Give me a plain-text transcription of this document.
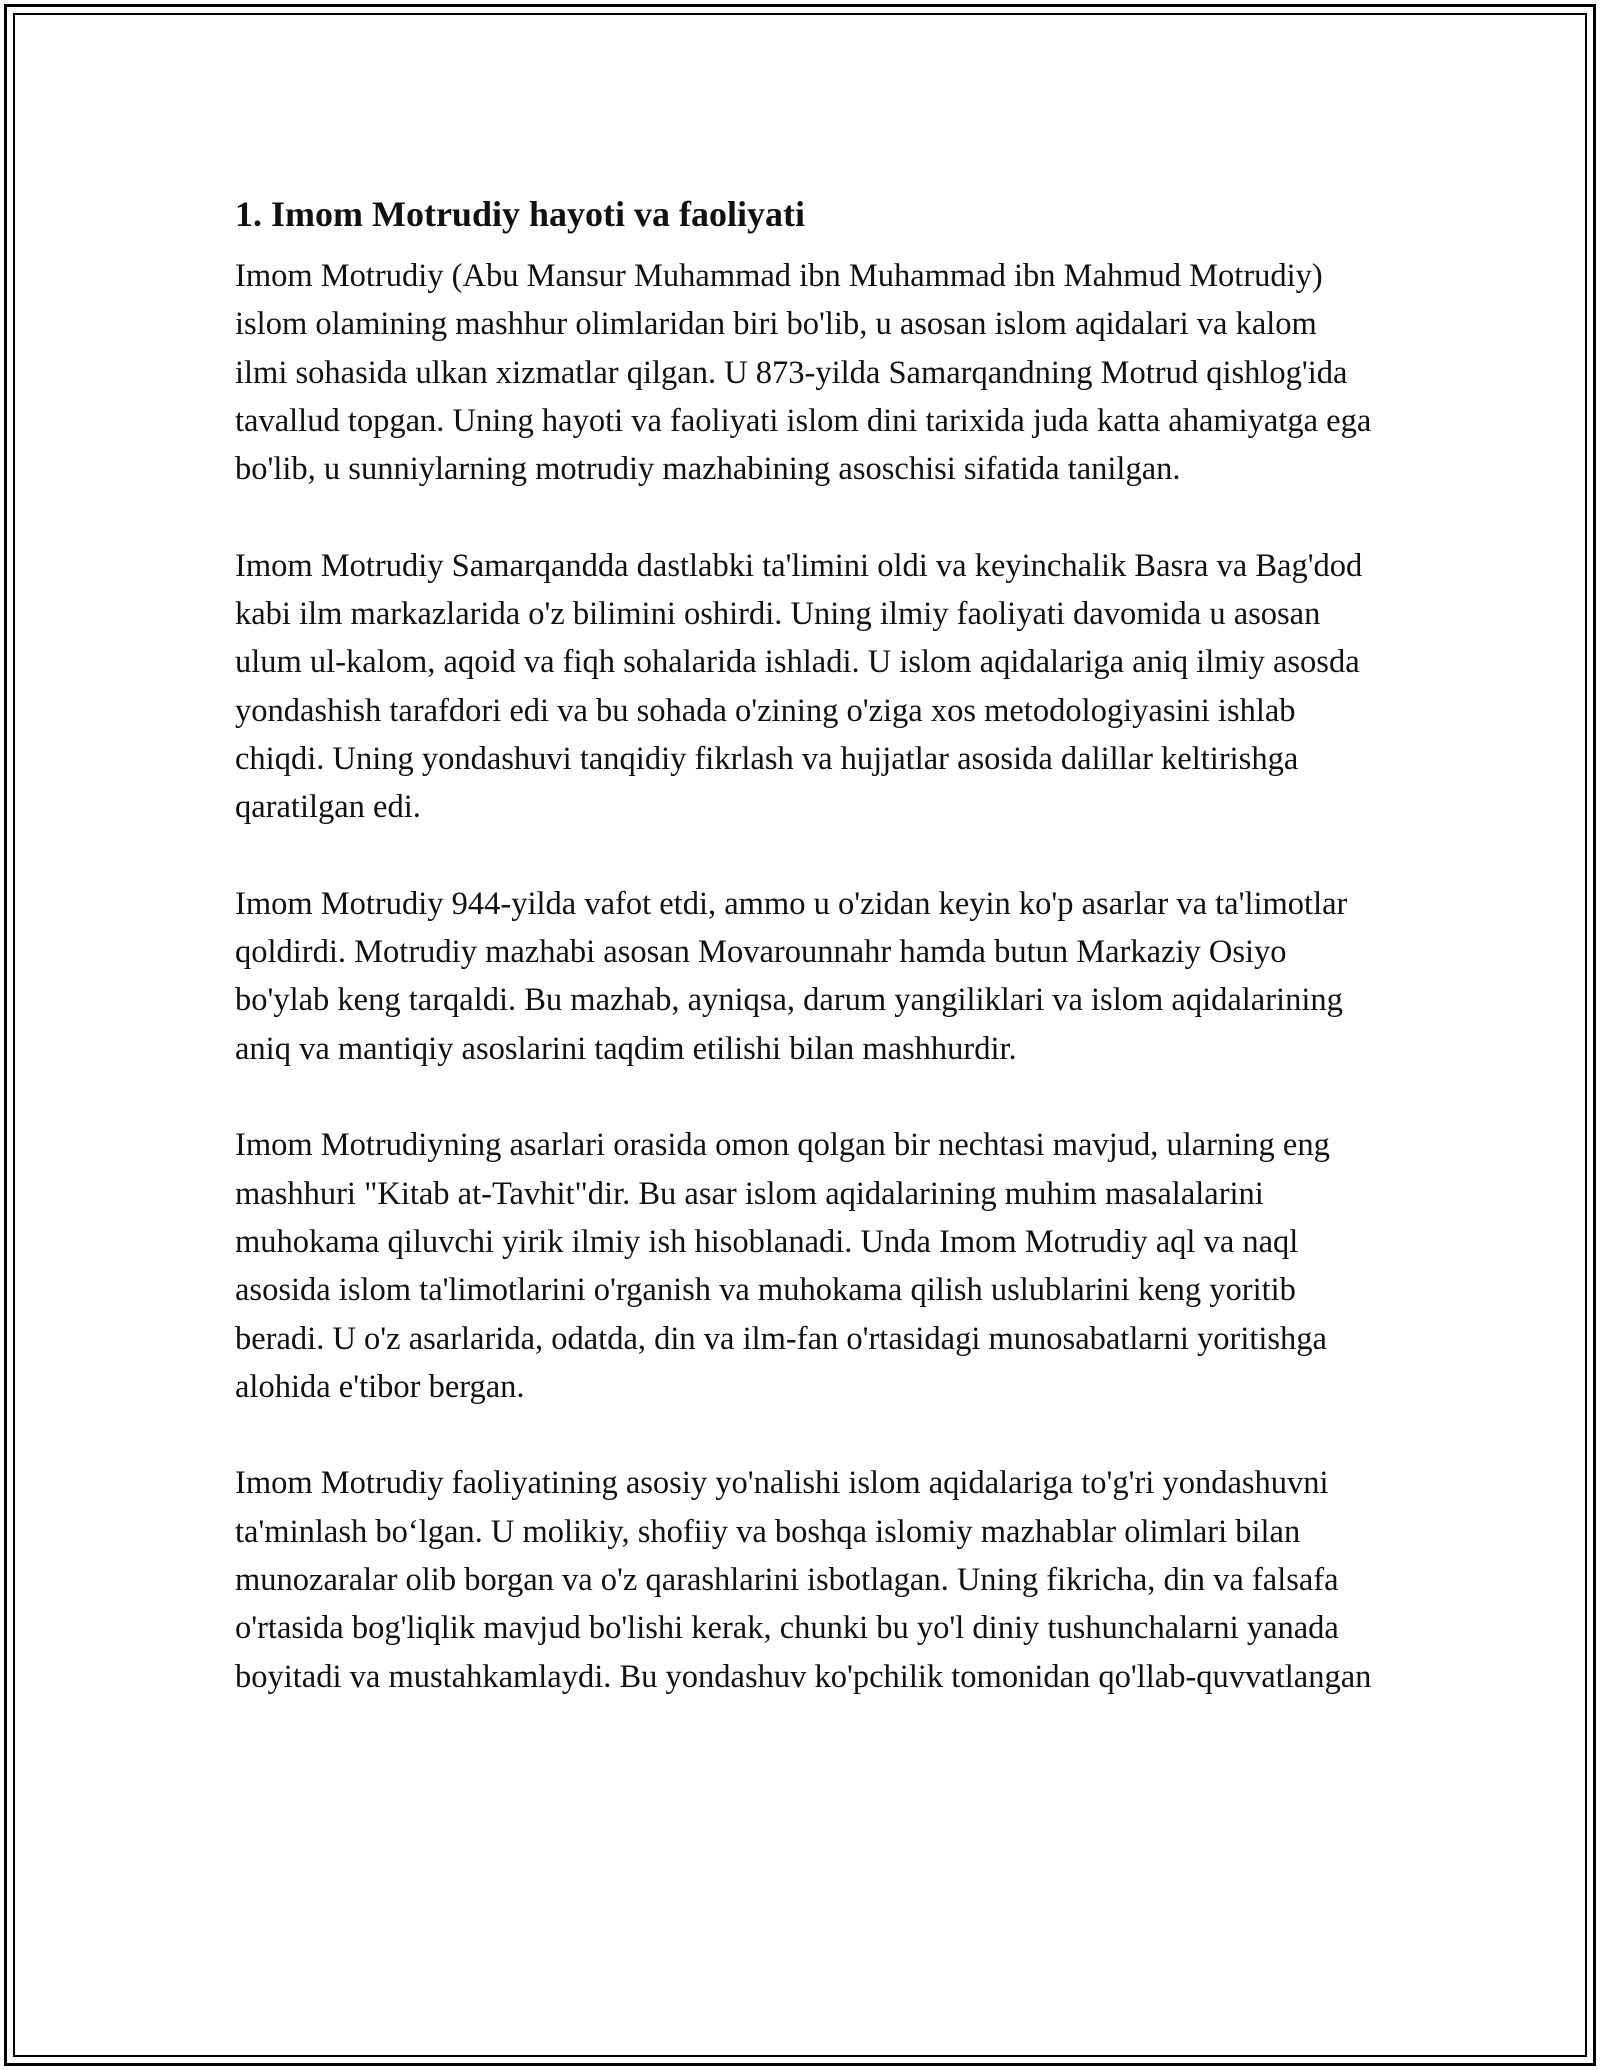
1. Imom Motrudiy hayoti va faoliyati

Imom Motrudiy (Abu Mansur Muhammad ibn Muhammad ibn Mahmud Motrudiy) islom olamining mashhur olimlaridan biri bo'lib, u asosan islom aqidalari va kalom ilmi sohasida ulkan xizmatlar qilgan. U 873-yilda Samarqandning Motrud qishlog'ida tavallud topgan. Uning hayoti va faoliyati islom dini tarixida juda katta ahamiyatga ega bo'lib, u sunniylarning motrudiy mazhabining asoschisi sifatida tanilgan.

Imom Motrudiy Samarqandda dastlabki ta'limini oldi va keyinchalik Basra va Bag'dod kabi ilm markazlarida o'z bilimini oshirdi. Uning ilmiy faoliyati davomida u asosan ulum ul-kalom, aqoid va fiqh sohalarida ishladi. U islom aqidalariga aniq ilmiy asosda yondashish tarafdori edi va bu sohada o'zining o'ziga xos metodologiyasini ishlab chiqdi. Uning yondashuvi tanqidiy fikrlash va hujjatlar asosida dalillar keltirishga qaratilgan edi.

Imom Motrudiy 944-yilda vafot etdi, ammo u o'zidan keyin ko'p asarlar va ta'limotlar qoldirdi. Motrudiy mazhabi asosan Movarounnahr hamda butun Markaziy Osiyo bo'ylab keng tarqaldi. Bu mazhab, ayniqsa, darum yangiliklari va islom aqidalarining aniq va mantiqiy asoslarini taqdim etilishi bilan mashhurdir.

Imom Motrudiyning asarlari orasida omon qolgan bir nechtasi mavjud, ularning eng mashhuri "Kitab at-Tavhit"dir. Bu asar islom aqidalarining muhim masalalarini muhokama qiluvchi yirik ilmiy ish hisoblanadi. Unda Imom Motrudiy aql va naql asosida islom ta'limotlarini o'rganish va muhokama qilish uslublarini keng yoritib beradi. U o'z asarlarida, odatda, din va ilm-fan o'rtasidagi munosabatlarni yoritishga alohida e'tibor bergan.

Imom Motrudiy faoliyatining asosiy yo'nalishi islom aqidalariga to'g'ri yondashuvni ta'minlash bo‘lgan. U molikiy, shofiiy va boshqa islomiy mazhablar olimlari bilan munozaralar olib borgan va o'z qarashlarini isbotlagan. Uning fikricha, din va falsafa o'rtasida bog'liqlik mavjud bo'lishi kerak, chunki bu yo'l diniy tushunchalarni yanada boyitadi va mustahkamlaydi. Bu yondashuv ko'pchilik tomonidan qo'llab-quvvatlangan
